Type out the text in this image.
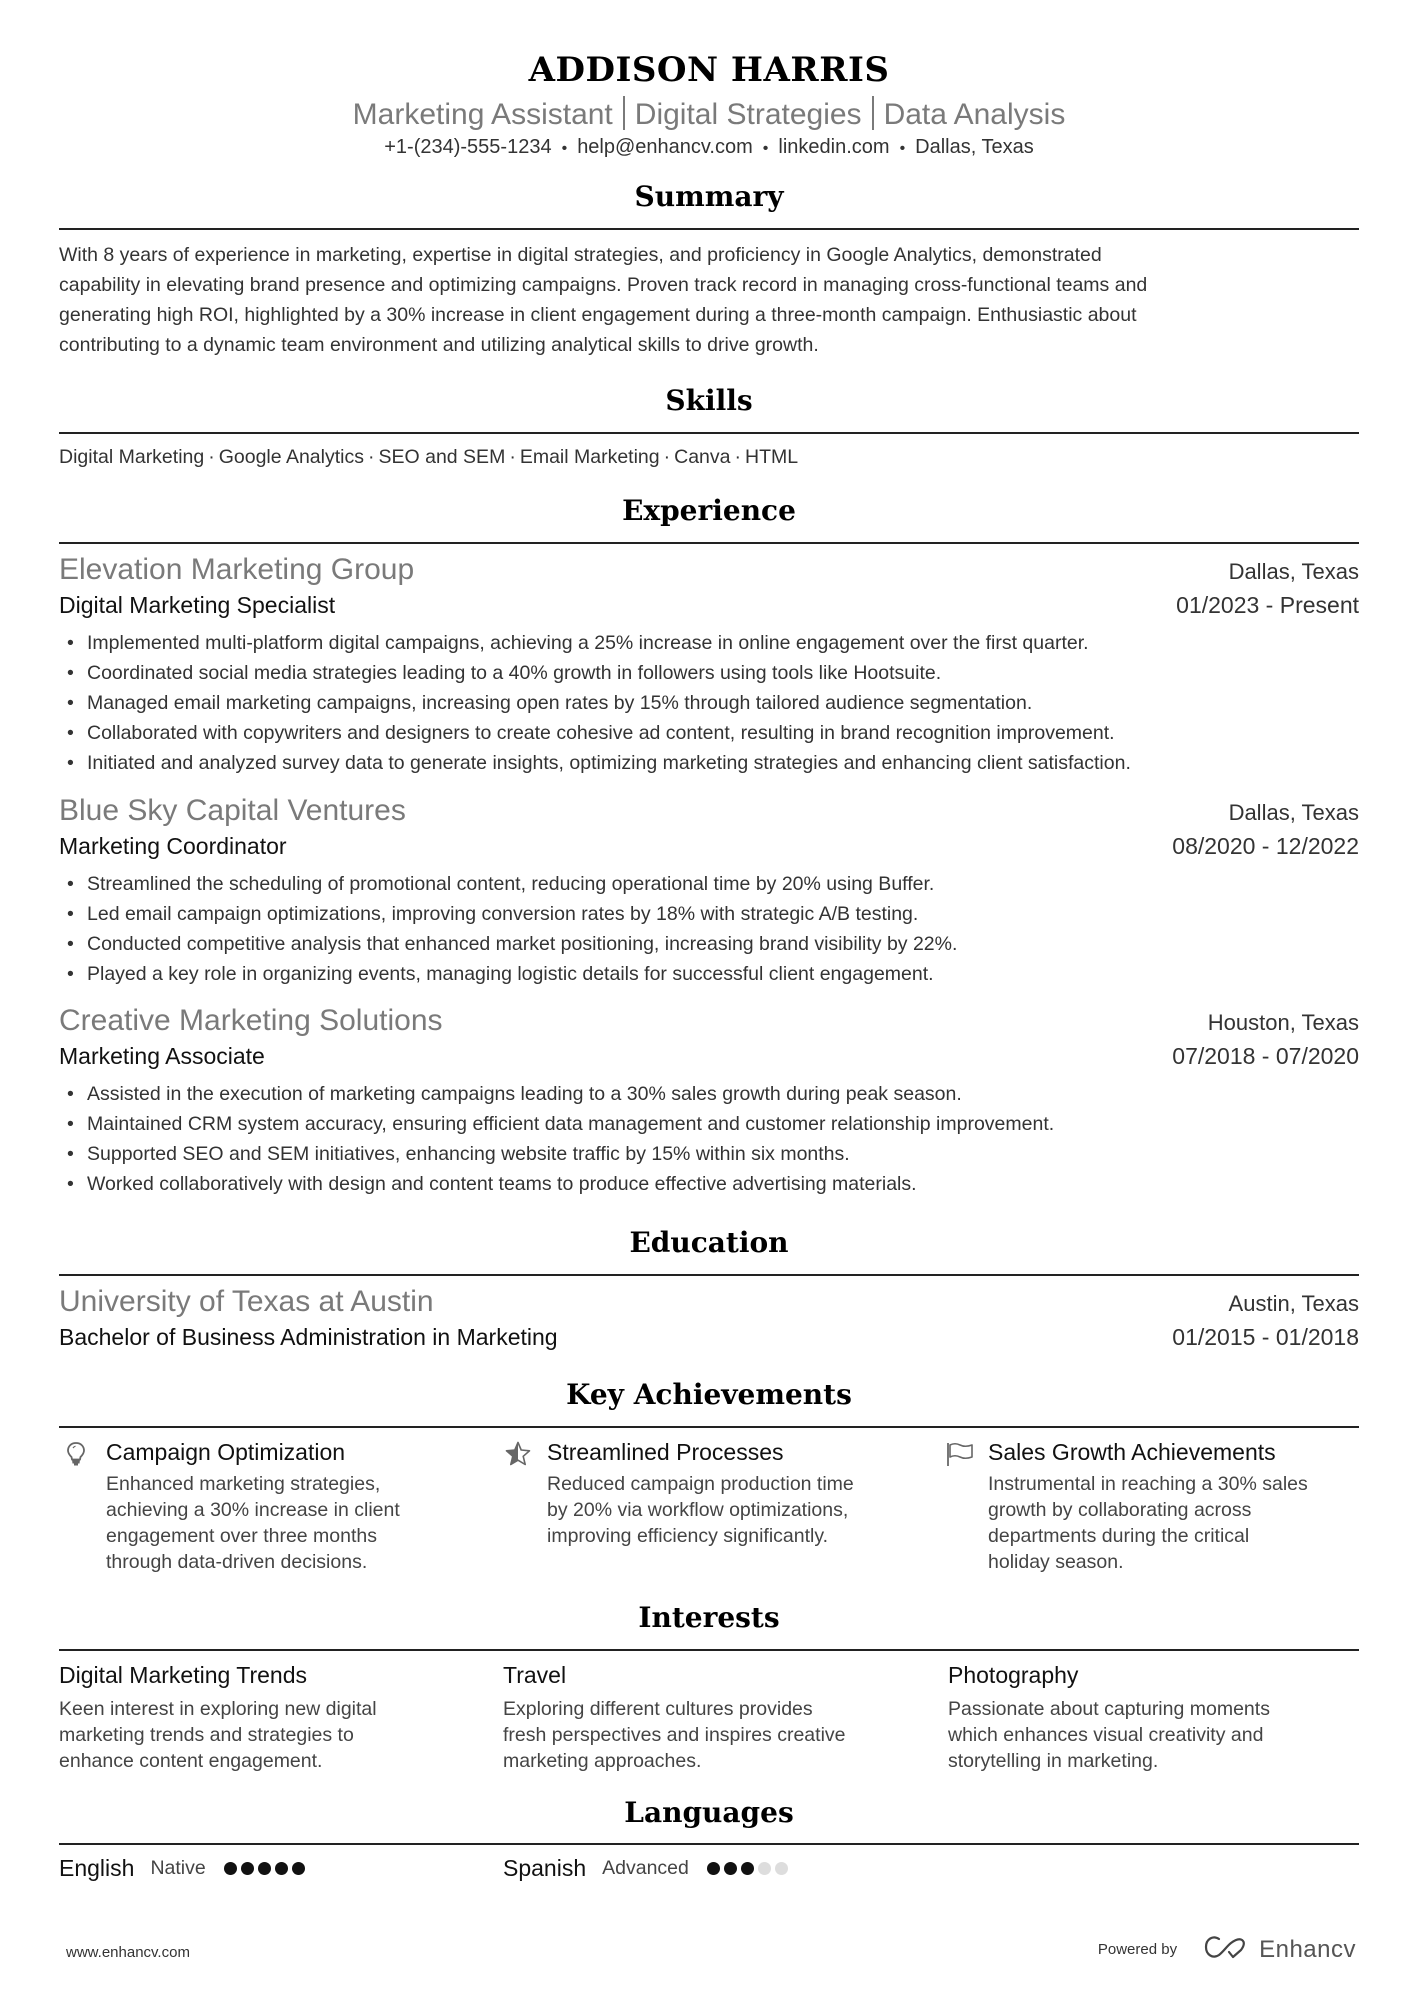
ADDISON HARRIS
Marketing Assistant Digital Strategies Data Analysis
+1-(234)-555-1234 • help@enhancv.com • linkedin.com • Dallas, Texas
Summary
With 8 years of experience in marketing, expertise in digital strategies, and proficiency in Google Analytics, demonstrated
capability in elevating brand presence and optimizing campaigns. Proven track record in managing cross-functional teams and
generating high ROI, highlighted by a 30% increase in client engagement during a three-month campaign. Enthusiastic about
contributing to a dynamic team environment and utilizing analytical skills to drive growth.
Skills
Digital Marketing · Google Analytics · SEO and SEM · Email Marketing · Canva · HTML
Experience
Elevation Marketing Group	Dallas, Texas
Digital Marketing Specialist	01/2023 - Present
• Implemented multi-platform digital campaigns, achieving a 25% increase in online engagement over the first quarter.
• Coordinated social media strategies leading to a 40% growth in followers using tools like Hootsuite.
• Managed email marketing campaigns, increasing open rates by 15% through tailored audience segmentation.
• Collaborated with copywriters and designers to create cohesive ad content, resulting in brand recognition improvement.
• Initiated and analyzed survey data to generate insights, optimizing marketing strategies and enhancing client satisfaction.
Blue Sky Capital Ventures	Dallas, Texas
Marketing Coordinator	08/2020 - 12/2022
• Streamlined the scheduling of promotional content, reducing operational time by 20% using Buffer.
• Led email campaign optimizations, improving conversion rates by 18% with strategic A/B testing.
• Conducted competitive analysis that enhanced market positioning, increasing brand visibility by 22%.
• Played a key role in organizing events, managing logistic details for successful client engagement.
Creative Marketing Solutions	Houston, Texas
Marketing Associate	07/2018 - 07/2020
• Assisted in the execution of marketing campaigns leading to a 30% sales growth during peak season.
• Maintained CRM system accuracy, ensuring efficient data management and customer relationship improvement.
• Supported SEO and SEM initiatives, enhancing website traffic by 15% within six months.
• Worked collaboratively with design and content teams to produce effective advertising materials.
Education
University of Texas at Austin	Austin, Texas
Bachelor of Business Administration in Marketing	01/2015 - 01/2018
Key Achievements
Campaign Optimization
Enhanced marketing strategies,
achieving a 30% increase in client
engagement over three months
through data-driven decisions.
Streamlined Processes
Reduced campaign production time
by 20% via workflow optimizations,
improving efficiency significantly.
Sales Growth Achievements
Instrumental in reaching a 30% sales
growth by collaborating across
departments during the critical
holiday season.
Interests
Digital Marketing Trends
Keen interest in exploring new digital
marketing trends and strategies to
enhance content engagement.
Travel
Exploring different cultures provides
fresh perspectives and inspires creative
marketing approaches.
Photography
Passionate about capturing moments
which enhances visual creativity and
storytelling in marketing.
Languages
English Native	Spanish Advanced
www.enhancv.com	Powered by	Enhancv
